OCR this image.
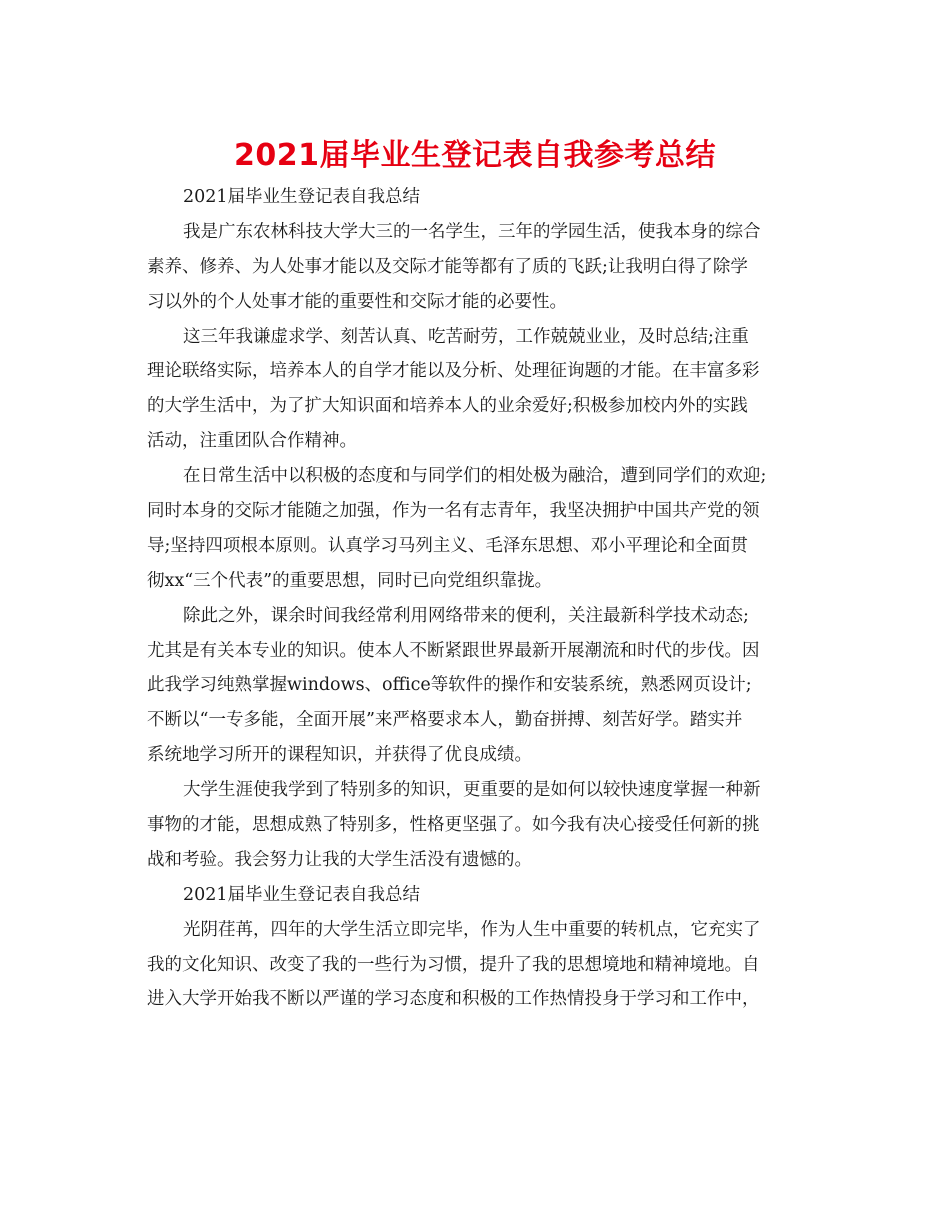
2021届毕业生登记表自我参考总结
2021届毕业生登记表自我总结
我是广东农林科技大学大三的一名学生，三年的学园生活，使我本身的综合
素养、修养、为人处事才能以及交际才能等都有了质的飞跃;让我明白得了除学
习以外的个人处事才能的重要性和交际才能的必要性。
这三年我谦虚求学、刻苦认真、吃苦耐劳，工作兢兢业业，及时总结;注重
理论联络实际，培养本人的自学才能以及分析、处理征询题的才能。在丰富多彩
的大学生活中，为了扩大知识面和培养本人的业余爱好;积极参加校内外的实践
活动，注重团队合作精神。
在日常生活中以积极的态度和与同学们的相处极为融洽，遭到同学们的欢迎;
同时本身的交际才能随之加强，作为一名有志青年，我坚决拥护中国共产党的领
导;坚持四项根本原则。认真学习马列主义、毛泽东思想、邓小平理论和全面贯
彻xx“三个代表”的重要思想，同时已向党组织靠拢。
除此之外，课余时间我经常利用网络带来的便利，关注最新科学技术动态;
尤其是有关本专业的知识。使本人不断紧跟世界最新开展潮流和时代的步伐。因
此我学习纯熟掌握windows、office等软件的操作和安装系统，熟悉网页设计;
不断以“一专多能，全面开展”来严格要求本人，勤奋拼搏、刻苦好学。踏实并
系统地学习所开的课程知识，并获得了优良成绩。
大学生涯使我学到了特别多的知识，更重要的是如何以较快速度掌握一种新
事物的才能，思想成熟了特别多，性格更坚强了。如今我有决心接受任何新的挑
战和考验。我会努力让我的大学生活没有遗憾的。
2021届毕业生登记表自我总结
光阴荏苒，四年的大学生活立即完毕，作为人生中重要的转机点，它充实了
我的文化知识、改变了我的一些行为习惯，提升了我的思想境地和精神境地。自
进入大学开始我不断以严谨的学习态度和积极的工作热情投身于学习和工作中，
